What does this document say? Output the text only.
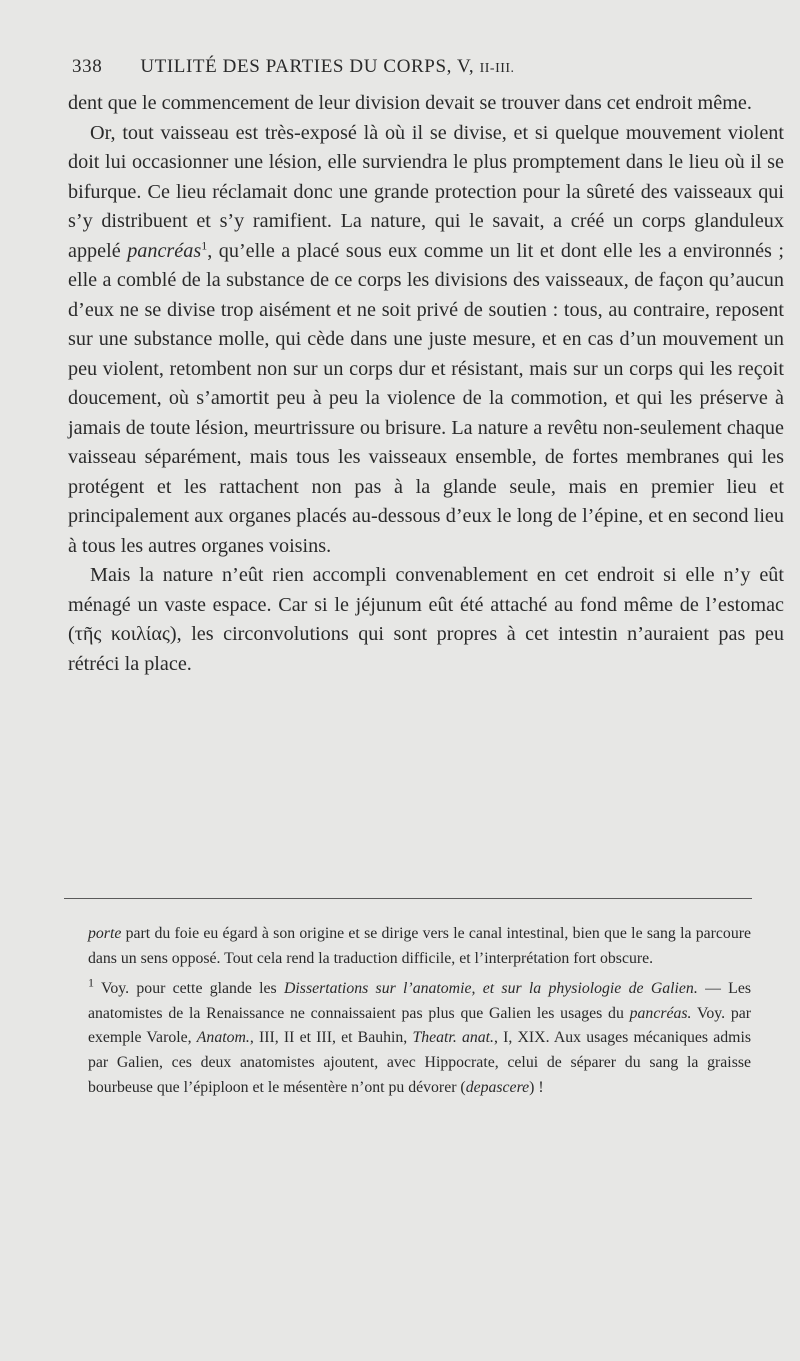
338 UTILITÉ DES PARTIES DU CORPS, V, II-III.

dent que le commencement de leur division devait se trouver dans cet endroit même.

Or, tout vaisseau est très-exposé là où il se divise, et si quelque mouvement violent doit lui occasionner une lésion, elle surviendra le plus promptement dans le lieu où il se bifurque. Ce lieu réclamait donc une grande protection pour la sûreté des vaisseaux qui s’y distribuent et s’y ramifient. La nature, qui le savait, a créé un corps glanduleux appelé pancréas$^1$, qu’elle a placé sous eux comme un lit et dont elle les a environnés ; elle a comblé de la substance de ce corps les divisions des vaisseaux, de façon qu’aucun d’eux ne se divise trop aisément et ne soit privé de soutien : tous, au contraire, reposent sur une substance molle, qui cède dans une juste mesure, et en cas d’un mouvement un peu violent, retombent non sur un corps dur et résistant, mais sur un corps qui les reçoit doucement, où s’amortit peu à peu la violence de la commotion, et qui les préserve à jamais de toute lésion, meurtrissure ou brisure. La nature a revêtu non-seulement chaque vaisseau séparément, mais tous les vaisseaux ensemble, de fortes membranes qui les protégent et les rattachent non pas à la glande seule, mais en premier lieu et principalement aux organes placés au-dessous d’eux le long de l’épine, et en second lieu à tous les autres organes voisins.

Mais la nature n’eût rien accompli convenablement en cet endroit si elle n’y eût ménagé un vaste espace. Car si le jéjunum eût été attaché au fond même de l’estomac (τῆς κοιλίας), les circonvolutions qui sont propres à cet intestin n’auraient pas peu rétréci la place.

porte part du foie eu égard à son origine et se dirige vers le canal intestinal, bien que le sang la parcoure dans un sens opposé. Tout cela rend la traduction difficile, et l’interprétation fort obscure.

$^1$ Voy. pour cette glande les Dissertations sur l’anatomie, et sur la physiologie de Galien. — Les anatomistes de la Renaissance ne connaissaient pas plus que Galien les usages du pancréas. Voy. par exemple Varole, Anatom., III, II et III, et Bauhin, Theatr. anat., I, XIX. Aux usages mécaniques admis par Galien, ces deux anatomistes ajoutent, avec Hippocrate, celui de séparer du sang la graisse bourbeuse que l’épiploon et le mésentère n’ont pu dévorer (depascere) !
